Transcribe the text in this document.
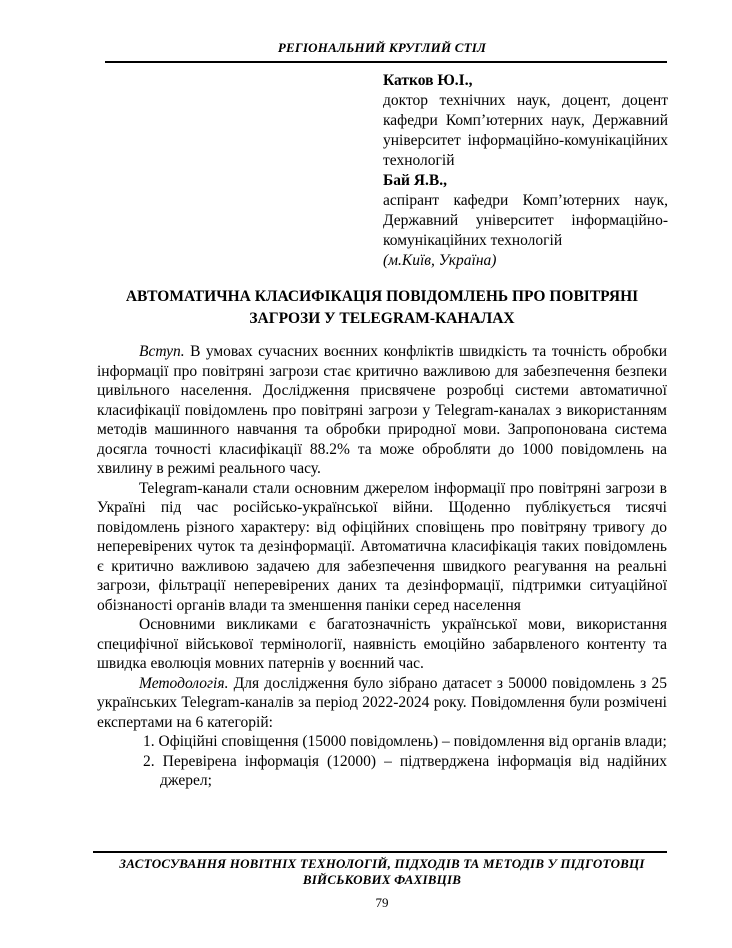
РЕГІОНАЛЬНИЙ КРУГЛИЙ СТІЛ
Катков Ю.І.,
доктор технічних наук, доцент, доцент кафедри Комп’ютерних наук, Державний університет інформаційно-комунікаційних технологій
Бай Я.В.,
аспірант кафедри Комп’ютерних наук, Державний університет інформаційно-комунікаційних технологій
(м.Київ, Україна)
АВТОМАТИЧНА КЛАСИФІКАЦІЯ ПОВІДОМЛЕНЬ ПРО ПОВІТРЯНІ ЗАГРОЗИ У TELEGRAM-КАНАЛАХ

Вступ. В умовах сучасних воєнних конфліктів швидкість та точність обробки інформації про повітряні загрози стає критично важливою для забезпечення безпеки цивільного населення. Дослідження присвячене розробці системи автоматичної класифікації повідомлень про повітряні загрози у Telegram-каналах з використанням методів машинного навчання та обробки природної мови. Запропонована система досягла точності класифікації 88.2% та може обробляти до 1000 повідомлень на хвилину в режимі реального часу.

Telegram-канали стали основним джерелом інформації про повітряні загрози в Україні під час російсько-української війни. Щоденно публікується тисячі повідомлень різного характеру: від офіційних сповіщень про повітряну тривогу до неперевірених чуток та дезінформації. Автоматична класифікація таких повідомлень є критично важливою задачею для забезпечення швидкого реагування на реальні загрози, фільтрації неперевірених даних та дезінформації, підтримки ситуаційної обізнаності органів влади та зменшення паніки серед населення

Основними викликами є багатозначність української мови, використання специфічної військової термінології, наявність емоційно забарвленого контенту та швидка еволюція мовних патернів у воєнний час.

Методологія. Для дослідження було зібрано датасет з 50000 повідомлень з 25 українських Telegram-каналів за період 2022-2024 року. Повідомлення були розмічені експертами на 6 категорій:

1. Офіційні сповіщення (15000 повідомлень) – повідомлення від органів влади;
2. Перевірена інформація (12000) – підтверджена інформація від надійних джерел;
ЗАСТОСУВАННЯ НОВІТНІХ ТЕХНОЛОГІЙ, ПІДХОДІВ ТА МЕТОДІВ У ПІДГОТОВЦІ ВІЙСЬКОВИХ ФАХІВЦІВ
79
